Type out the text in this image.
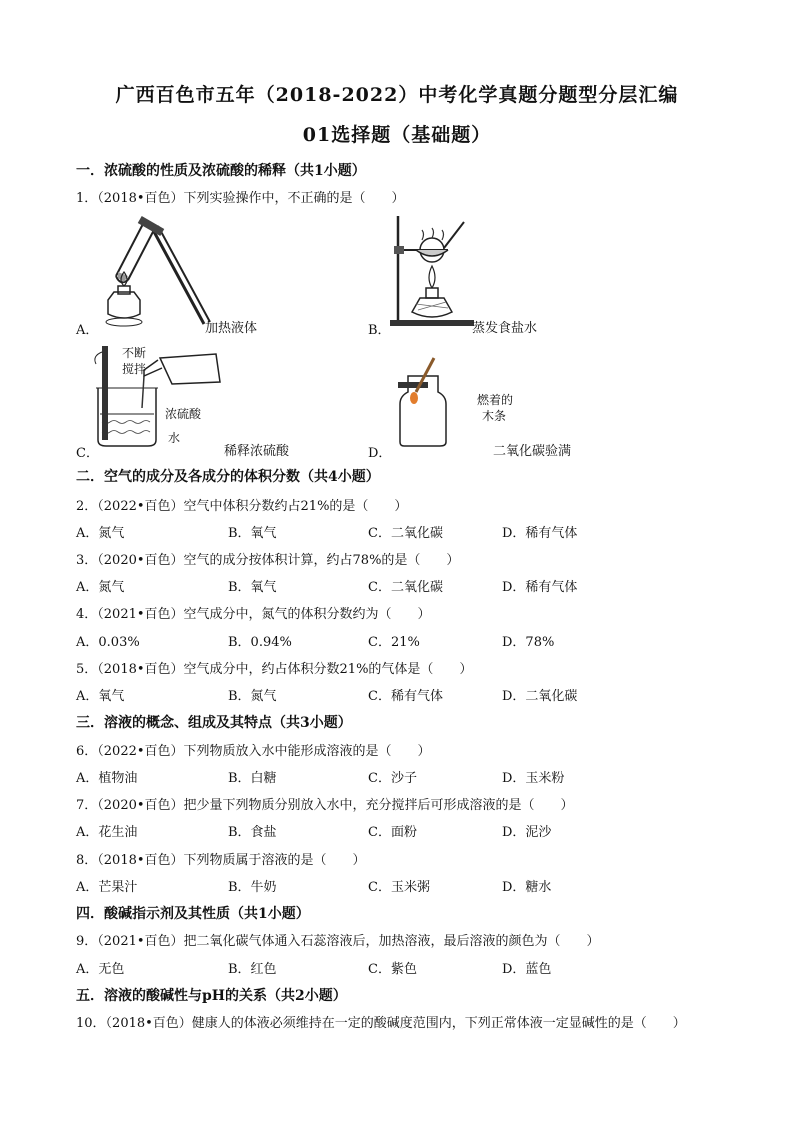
广西百色市五年（2018-2022）中考化学真题分题型分层汇编
01选择题（基础题）
一．浓硫酸的性质及浓硫酸的稀释（共1小题）
1．（2018•百色）下列实验操作中，不正确的是（　　）
A．	加热液体	B．	蒸发食盐水
不断
搅拌
浓硫酸
水
C．	稀释浓硫酸
燃着的
木条
D．	二氧化碳验满
二．空气的成分及各成分的体积分数（共4小题）
2．（2022•百色）空气中体积分数约占21%的是（　　）
A．氮气	B．氧气	C．二氧化碳	D．稀有气体
3．（2020•百色）空气的成分按体积计算，约占78%的是（　　）
A．氮气	B．氧气	C．二氧化碳	D．稀有气体
4．（2021•百色）空气成分中，氮气的体积分数约为（　　）
A．0.03%	B．0.94%	C．21%	D．78%
5．（2018•百色）空气成分中，约占体积分数21%的气体是（　　）
A．氧气	B．氮气	C．稀有气体	D．二氧化碳
三．溶液的概念、组成及其特点（共3小题）
6．（2022•百色）下列物质放入水中能形成溶液的是（　　）
A．植物油	B．白糖	C．沙子	D．玉米粉
7．（2020•百色）把少量下列物质分别放入水中，充分搅拌后可形成溶液的是（　　）
A．花生油	B．食盐	C．面粉	D．泥沙
8．（2018•百色）下列物质属于溶液的是（　　）
A．芒果汁	B．牛奶	C．玉米粥	D．糖水
四．酸碱指示剂及其性质（共1小题）
9．（2021•百色）把二氧化碳气体通入石蕊溶液后，加热溶液，最后溶液的颜色为（　　）
A．无色	B．红色	C．紫色	D．蓝色
五．溶液的酸碱性与pH的关系（共2小题）
10．（2018•百色）健康人的体液必须维持在一定的酸碱度范围内，下列正常体液一定显碱性的是（　　）
